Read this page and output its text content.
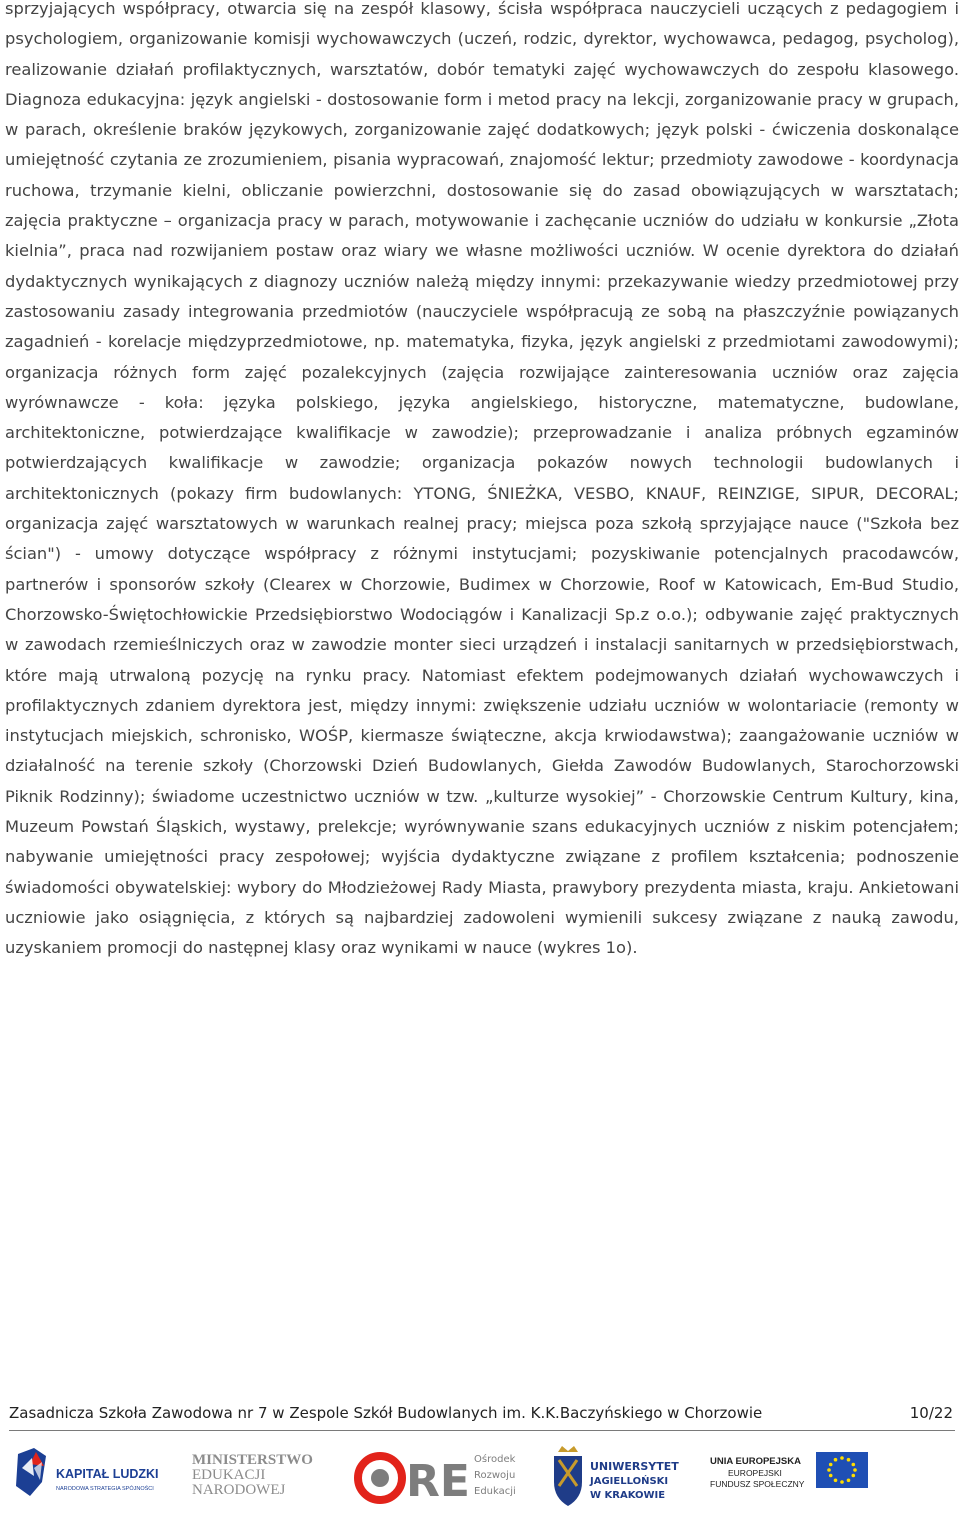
sprzyjających współpracy, otwarcia się na zespół klasowy, ścisła współpraca nauczycieli uczących z pedagogiem i psychologiem, organizowanie komisji wychowawczych (uczeń, rodzic, dyrektor, wychowawca, pedagog, psycholog), realizowanie działań profilaktycznych, warsztatów, dobór tematyki zajęć wychowawczych do zespołu klasowego. Diagnoza edukacyjna: język angielski - dostosowanie form i metod pracy na lekcji, zorganizowanie pracy w grupach, w parach, określenie braków językowych, zorganizowanie zajęć dodatkowych; język polski - ćwiczenia doskonalące umiejętność czytania ze zrozumieniem, pisania wypracowań, znajomość lektur; przedmioty zawodowe - koordynacja ruchowa, trzymanie kielni, obliczanie powierzchni, dostosowanie się do zasad obowiązujących w warsztatach; zajęcia praktyczne – organizacja pracy w parach, motywowanie i zachęcanie uczniów do udziału w konkursie „Złota kielnia”, praca nad rozwijaniem postaw oraz wiary we własne możliwości uczniów. W ocenie dyrektora do działań dydaktycznych wynikających z diagnozy uczniów należą między innymi: przekazywanie wiedzy przedmiotowej przy zastosowaniu zasady integrowania przedmiotów (nauczyciele współpracują ze sobą na płaszczyźnie powiązanych zagadnień - korelacje międzyprzedmiotowe, np. matematyka, fizyka, język angielski z przedmiotami zawodowymi); organizacja różnych form zajęć pozalekcyjnych (zajęcia rozwijające zainteresowania uczniów oraz zajęcia wyrównawcze - koła: języka polskiego, języka angielskiego, historyczne, matematyczne, budowlane, architektoniczne, potwierdzające kwalifikacje w zawodzie); przeprowadzanie i analiza próbnych egzaminów potwierdzających kwalifikacje w zawodzie; organizacja pokazów nowych technologii budowlanych i architektonicznych (pokazy firm budowlanych: YTONG, ŚNIEŻKA, VESBO, KNAUF, REINZIGE, SIPUR, DECORAL; organizacja zajęć warsztatowych w warunkach realnej pracy; miejsca poza szkołą sprzyjające nauce ("Szkoła bez ścian") - umowy dotyczące współpracy z różnymi instytucjami; pozyskiwanie potencjalnych pracodawców, partnerów i sponsorów szkoły (Clearex w Chorzowie, Budimex w Chorzowie, Roof w Katowicach, Em-Bud Studio, Chorzowsko-Świętochłowickie Przedsiębiorstwo Wodociągów i Kanalizacji Sp.z o.o.); odbywanie zajęć praktycznych w zawodach rzemieślniczych oraz w zawodzie monter sieci urządzeń i instalacji sanitarnych w przedsiębiorstwach, które mają utrwaloną pozycję na rynku pracy. Natomiast efektem podejmowanych działań wychowawczych i profilaktycznych zdaniem dyrektora jest, między innymi: zwiększenie udziału uczniów w wolontariacie (remonty w instytucjach miejskich, schronisko, WOŚP, kiermasze świąteczne, akcja krwiodawstwa); zaangażowanie uczniów w działalność na terenie szkoły (Chorzowski Dzień Budowlanych, Giełda Zawodów Budowlanych, Starochorzowski Piknik Rodzinny); świadome uczestnictwo uczniów w tzw. „kulturze wysokiej” - Chorzowskie Centrum Kultury, kina, Muzeum Powstań Śląskich, wystawy, prelekcje; wyrównywanie szans edukacyjnych uczniów z niskim potencjałem; nabywanie umiejętności pracy zespołowej; wyjścia dydaktyczne związane z profilem kształcenia; podnoszenie świadomości obywatelskiej: wybory do Młodzieżowej Rady Miasta, prawybory prezydenta miasta, kraju. Ankietowani uczniowie jako osiągnięcia, z których są najbardziej zadowoleni wymienili sukcesy związane z nauką zawodu, uzyskaniem promocji do następnej klasy oraz wynikami w nauce (wykres 1o).

Zasadnicza Szkoła Zawodowa nr 7 w Zespole Szkół Budowlanych im. K.K.Baczyńskiego w Chorzowie	10/22
KAPITAŁ LUDZKI
NARODOWA STRATEGIA SPÓJNOŚCI
MINISTERSTWO
EDUKACJI
NARODOWEJ	RE Ośrodek
Rozwoju
Edukacji
UNIWERSYTET
JAGIELLOŃSKI
W KRAKOWIE
UNIA EUROPEJSKA
EUROPEJSKI
FUNDUSZ SPOŁECZNY
